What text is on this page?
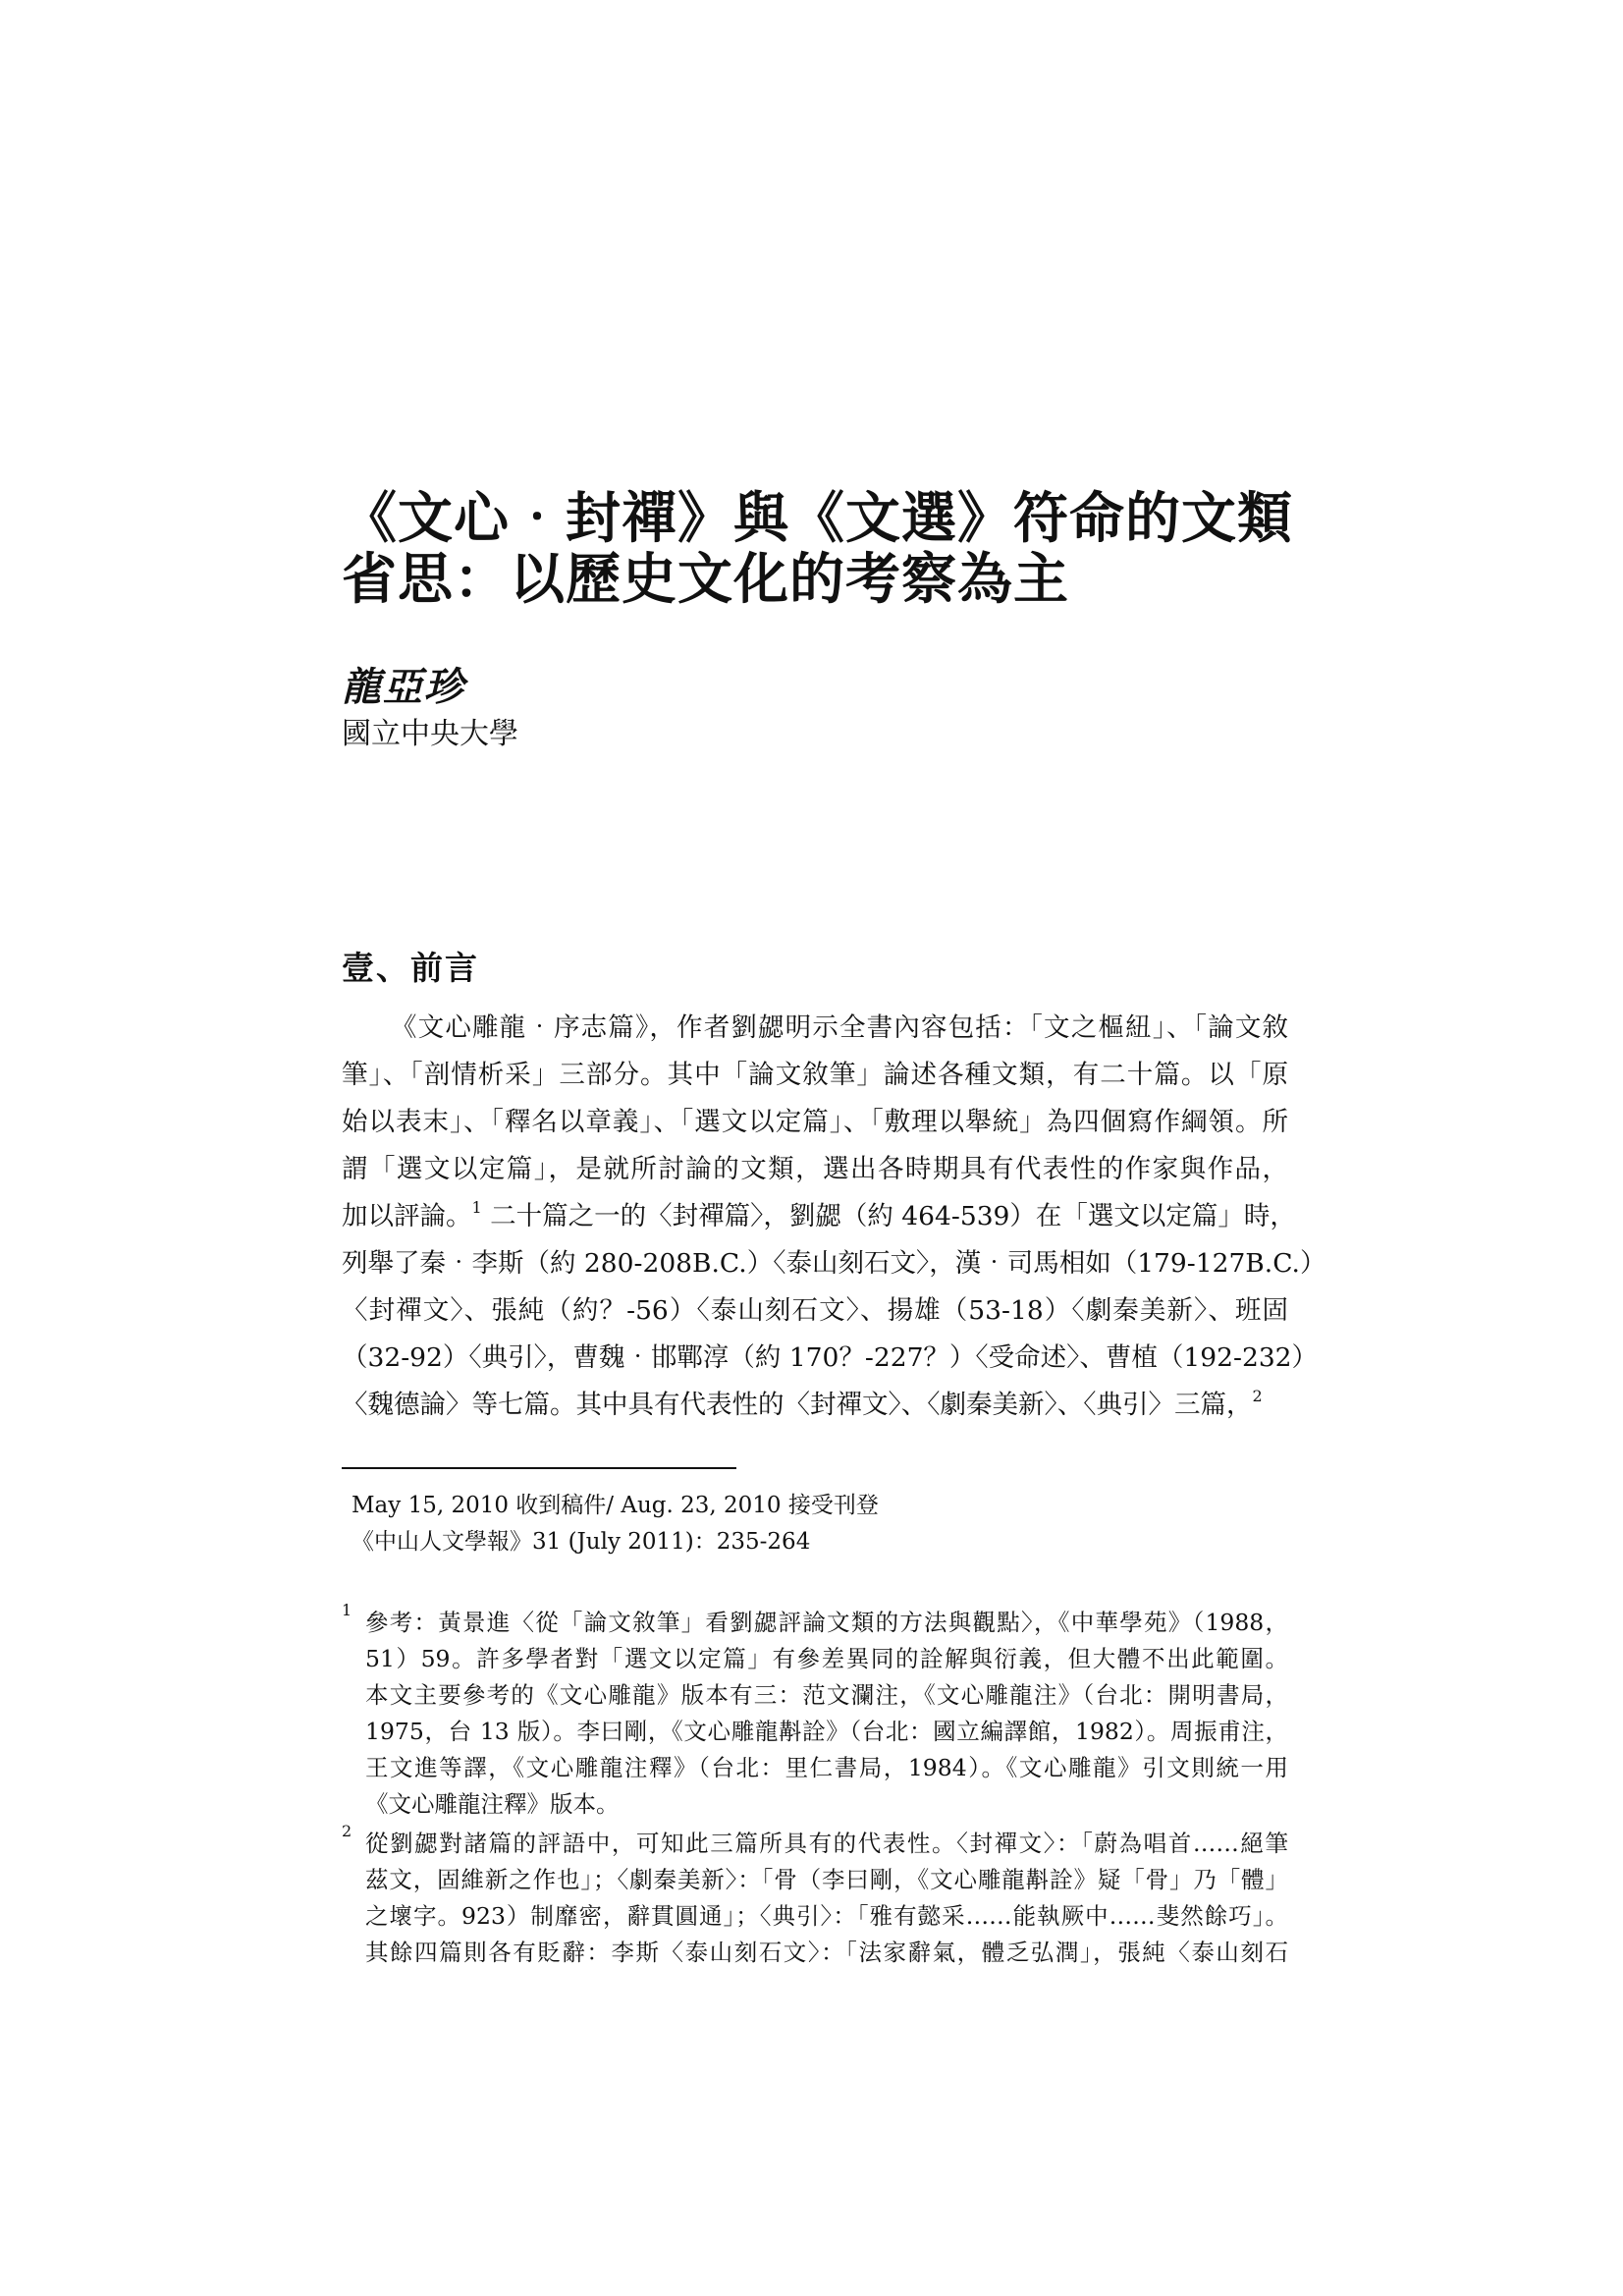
《文心‧封禪》與《文選》符命的文類
省思：以歷史文化的考察為主
龍亞珍
國立中央大學
壹、前言
《文心雕龍‧序志篇》，作者劉勰明示全書內容包括：「文之樞紐」、「論文敘
筆」、「剖情析采」三部分。其中「論文敘筆」論述各種文類，有二十篇。以「原
始以表末」、「釋名以章義」、「選文以定篇」、「敷理以舉統」為四個寫作綱領。所
謂「選文以定篇」，是就所討論的文類，選出各時期具有代表性的作家與作品，
加以評論。$^1$ 二十篇之一的〈封禪篇〉，劉勰（約 464-539）在「選文以定篇」時，
列舉了秦‧李斯（約 280-208B.C.）〈泰山刻石文〉，漢‧司馬相如（179-127B.C.）
〈封禪文〉、張純（約？-56）〈泰山刻石文〉、揚雄（53-18）〈劇秦美新〉、班固
（32-92）〈典引〉，曹魏‧邯鄲淳（約 170？-227？）〈受命述〉、曹植（192-232）
〈魏德論〉等七篇。其中具有代表性的〈封禪文〉、〈劇秦美新〉、〈典引〉三篇，$^2$
May 15, 2010 收到稿件/ Aug. 23, 2010 接受刊登
《中山人文學報》31 (July 2011)：235-264
1 參考：黃景進〈從「論文敘筆」看劉勰評論文類的方法與觀點〉，《中華學苑》（1988，
51）59。許多學者對「選文以定篇」有參差異同的詮解與衍義，但大體不出此範圍。
本文主要參考的《文心雕龍》版本有三：范文瀾注，《文心雕龍注》（台北：開明書局，
1975，台 13 版）。李曰剛，《文心雕龍斠詮》（台北：國立編譯館，1982）。周振甫注，
王文進等譯，《文心雕龍注釋》（台北：里仁書局，1984）。《文心雕龍》引文則統一用
《文心雕龍注釋》版本。
2 從劉勰對諸篇的評語中，可知此三篇所具有的代表性。〈封禪文〉：「蔚為唱首……絕筆
茲文，固維新之作也」；〈劇秦美新〉：「骨（李曰剛，《文心雕龍斠詮》疑「骨」乃「體」
之壞字。923）制靡密，辭貫圓通」；〈典引〉：「雅有懿采……能執厥中……斐然餘巧」。
其餘四篇則各有貶辭：李斯〈泰山刻石文〉：「法家辭氣，體乏弘潤」，張純〈泰山刻石
